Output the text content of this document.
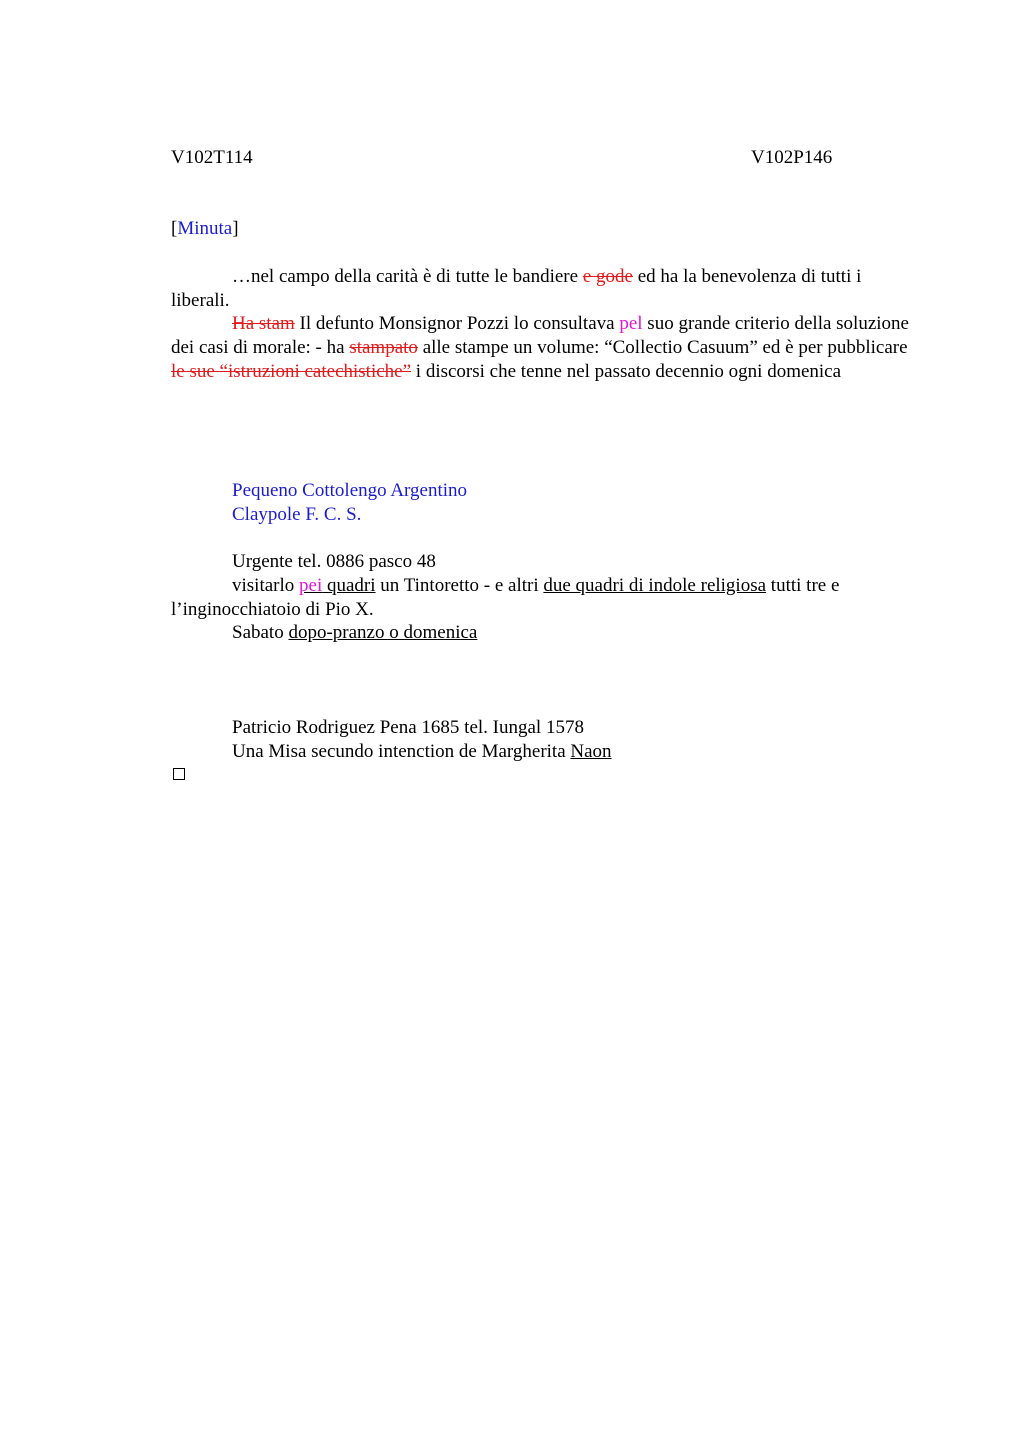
V102T114	V102P146
[Minuta]

…nel campo della carità è di tutte le bandiere e gode ed ha la benevolenza di tutti i liberali.

Ha stam Il defunto Monsignor Pozzi lo consultava pel suo grande criterio della soluzione dei casi di morale: - ha stampato alle stampe un volume: “Collectio Casuum” ed è per pubblicare le sue “istruzioni catechistiche” i discorsi che tenne nel passato decennio ogni domenica

Pequeno Cottolengo Argentino
Claypole F. C. S.
Urgente tel. 0886 pasco 48

visitarlo pei quadri un Tintoretto - e altri due quadri di indole religiosa tutti tre e l’inginocchiatoio di Pio X.

Sabato dopo-pranzo o domenica
Patricio Rodriguez Pena 1685 tel. Iungal 1578
Una Misa secundo intenction de Margherita Naon
